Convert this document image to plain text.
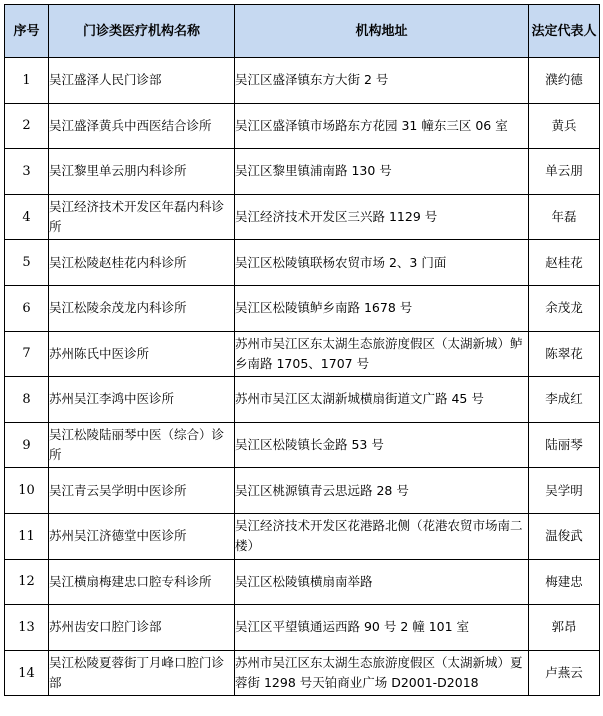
序号	门诊类医疗机构名称	机构地址	法定代表人
1	吴江盛泽人民门诊部	吴江区盛泽镇东方大街 2 号	濮约德
2	吴江盛泽黄兵中西医结合诊所	吴江区盛泽镇市场路东方花园 31 幢东三区 06 室	黄兵
3	吴江黎里单云朋内科诊所	吴江区黎里镇浦南路 130 号	单云朋
4	吴江经济技术开发区年磊内科诊所	吴江经济技术开发区三兴路 1129 号	年磊
5	吴江松陵赵桂花内科诊所	吴江区松陵镇联杨农贸市场 2、3 门面	赵桂花
6	吴江松陵余茂龙内科诊所	吴江区松陵镇鲈乡南路 1678 号	余茂龙
7	苏州陈氏中医诊所	苏州市吴江区东太湖生态旅游度假区（太湖新城）鲈乡南路 1705、1707 号	陈翠花
8	苏州吴江李鸿中医诊所	苏州市吴江区太湖新城横扇街道文广路 45 号	李成红
9	吴江松陵陆丽琴中医（综合）诊所	吴江区松陵镇长金路 53 号	陆丽琴
10	吴江青云吴学明中医诊所	吴江区桃源镇青云思远路 28 号	吴学明
11	苏州吴江济德堂中医诊所	吴江经济技术开发区花港路北侧（花港农贸市场南二楼）	温俊武
12	吴江横扇梅建忠口腔专科诊所	吴江区松陵镇横扇南举路	梅建忠
13	苏州齿安口腔门诊部	吴江区平望镇通运西路 90 号 2 幢 101 室	郭昂
14	吴江松陵夏蓉街丁月峰口腔门诊部	苏州市吴江区东太湖生态旅游度假区（太湖新城）夏蓉街 1298 号天铂商业广场 D2001-D2018	卢燕云
